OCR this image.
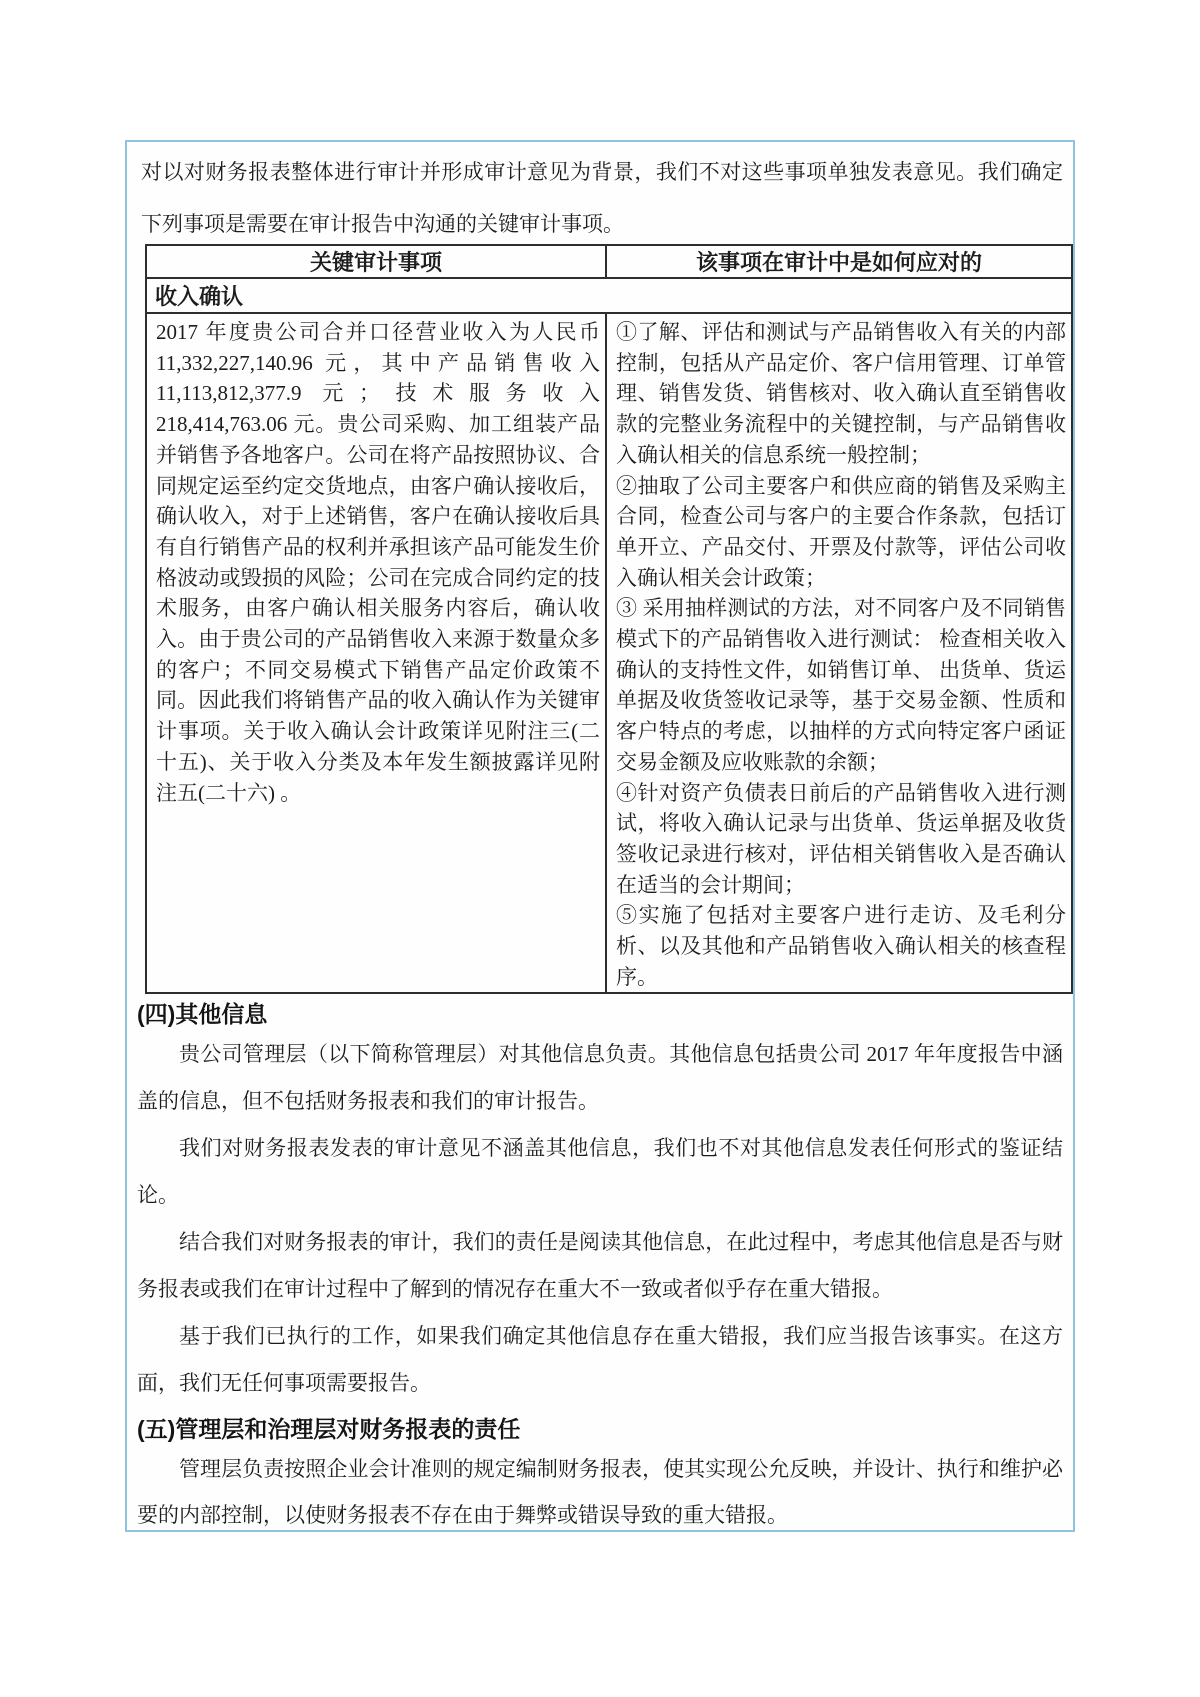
对以对财务报表整体进行审计并形成审计意见为背景，我们不对这些事项单独发表意见。我们确定下列事项是需要在审计报告中沟通的关键审计事项。

关键审计事项	该事项在审计中是如何应对的
收入确认	

2017 年度贵公司合并口径营业收入为人民币 11,332,227,140.96 元，其中产品销售收入 11,113,812,377.9 元；技术服务收入 218,414,763.06 元。贵公司采购、加工组装产品并销售予各地客户。公司在将产品按照协议、合同规定运至约定交货地点，由客户确认接收后，确认收入，对于上述销售，客户在确认接收后具有自行销售产品的权利并承担该产品可能发生价格波动或毁损的风险；公司在完成合同约定的技术服务，由客户确认相关服务内容后，确认收入。由于贵公司的产品销售收入来源于数量众多的客户；不同交易模式下销售产品定价政策不同。因此我们将销售产品的收入确认作为关键审计事项。关于收入确认会计政策详见附注三(二十五)、关于收入分类及本年发生额披露详见附注五(二十六) 。

①了解、评估和测试与产品销售收入有关的内部控制，包括从产品定价、客户信用管理、订单管理、销售发货、销售核对、收入确认直至销售收款的完整业务流程中的关键控制，与产品销售收入确认相关的信息系统一般控制；
②抽取了公司主要客户和供应商的销售及采购主合同，检查公司与客户的主要合作条款，包括订单开立、产品交付、开票及付款等，评估公司收入确认相关会计政策；
③ 采用抽样测试的方法，对不同客户及不同销售模式下的产品销售收入进行测试： 检查相关收入确认的支持性文件，如销售订单、 出货单、货运单据及收货签收记录等，基于交易金额、性质和客户特点的考虑，以抽样的方式向特定客户函证交易金额及应收账款的余额；
④针对资产负债表日前后的产品销售收入进行测试，将收入确认记录与出货单、货运单据及收货签收记录进行核对，评估相关销售收入是否确认在适当的会计期间；
⑤实施了包括对主要客户进行走访、及毛利分析、以及其他和产品销售收入确认相关的核查程序。
(四)其他信息

贵公司管理层（以下简称管理层）对其他信息负责。其他信息包括贵公司 2017 年年度报告中涵盖的信息，但不包括财务报表和我们的审计报告。

我们对财务报表发表的审计意见不涵盖其他信息，我们也不对其他信息发表任何形式的鉴证结论。

结合我们对财务报表的审计，我们的责任是阅读其他信息，在此过程中，考虑其他信息是否与财务报表或我们在审计过程中了解到的情况存在重大不一致或者似乎存在重大错报。

基于我们已执行的工作，如果我们确定其他信息存在重大错报，我们应当报告该事实。在这方面，我们无任何事项需要报告。

(五)管理层和治理层对财务报表的责任

管理层负责按照企业会计准则的规定编制财务报表，使其实现公允反映，并设计、执行和维护必要的内部控制，以使财务报表不存在由于舞弊或错误导致的重大错报。
